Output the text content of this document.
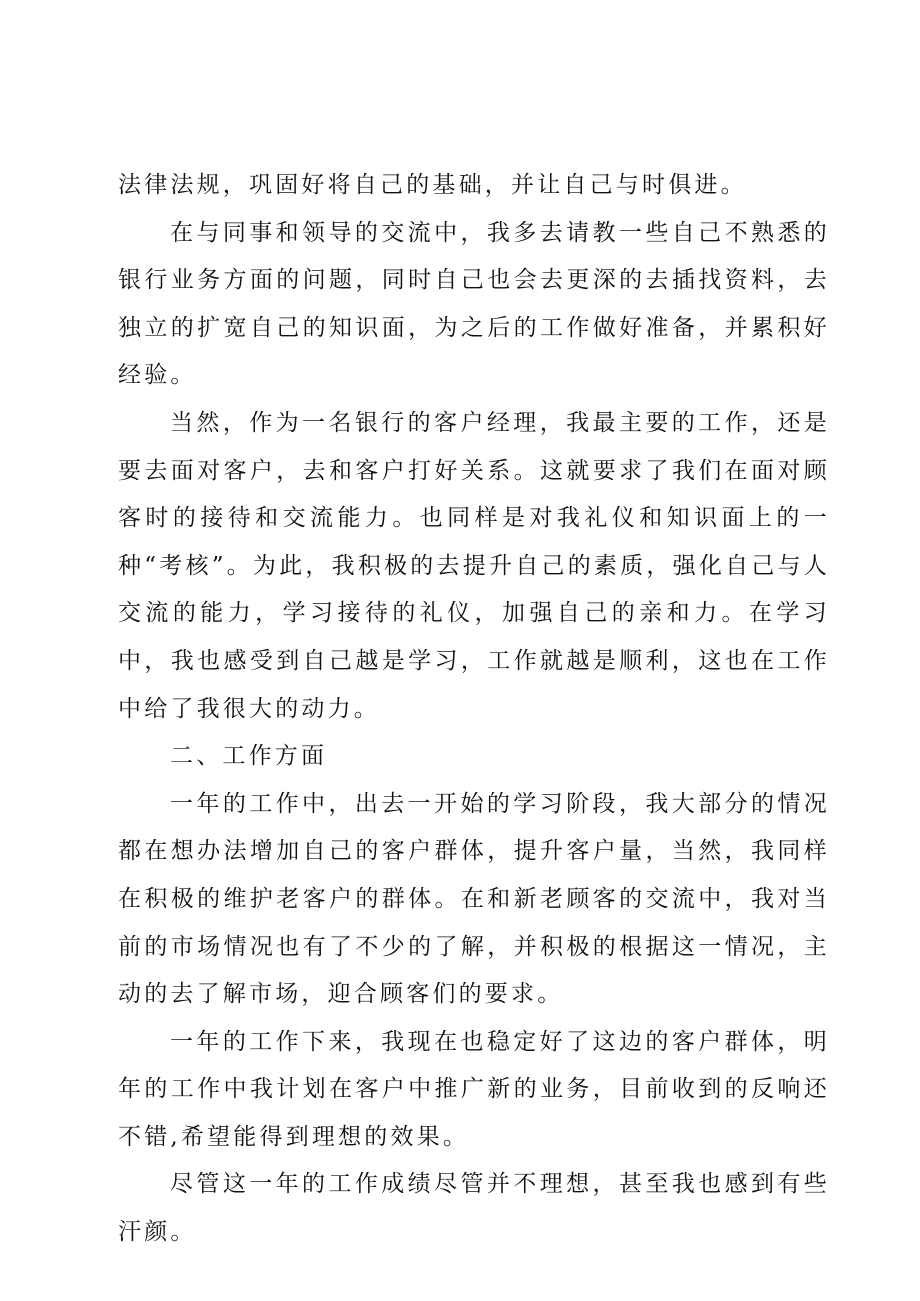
法律法规，巩固好将自己的基础，并让自己与时俱进。

在与同事和领导的交流中，我多去请教一些自己不熟悉的银行业务方面的问题，同时自己也会去更深的去插找资料，去独立的扩宽自己的知识面，为之后的工作做好准备，并累积好经验。

当然，作为一名银行的客户经理，我最主要的工作，还是要去面对客户，去和客户打好关系。这就要求了我们在面对顾客时的接待和交流能力。也同样是对我礼仪和知识面上的一种“考核”。为此，我积极的去提升自己的素质，强化自己与人交流的能力，学习接待的礼仪，加强自己的亲和力。在学习中，我也感受到自己越是学习，工作就越是顺利，这也在工作中给了我很大的动力。

二、工作方面

一年的工作中，出去一开始的学习阶段，我大部分的情况都在想办法增加自己的客户群体，提升客户量，当然，我同样在积极的维护老客户的群体。在和新老顾客的交流中，我对当前的市场情况也有了不少的了解，并积极的根据这一情况，主动的去了解市场，迎合顾客们的要求。

一年的工作下来，我现在也稳定好了这边的客户群体，明年的工作中我计划在客户中推广新的业务，目前收到的反响还不错,希望能得到理想的效果。

尽管这一年的工作成绩尽管并不理想，甚至我也感到有些汗颜。
